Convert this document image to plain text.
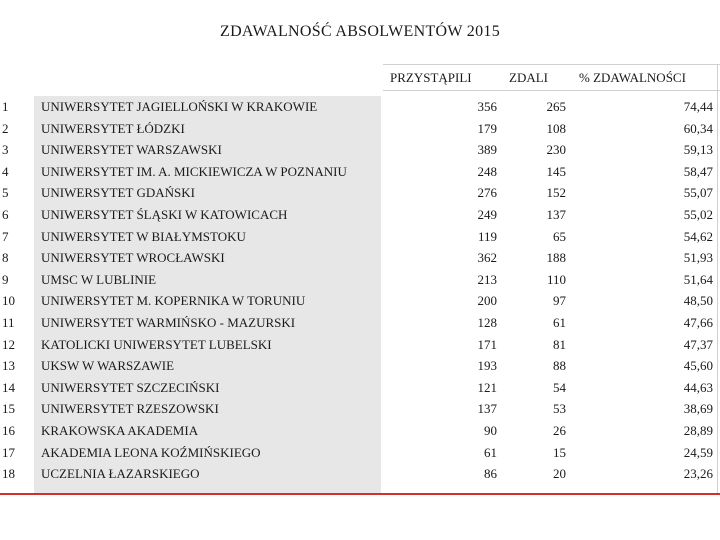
ZDAWALNOŚĆ ABSOLWENTÓW 2015
PRZYSTĄPILI	ZDALI % ZDAWALNOŚCI
1	UNIWERSYTET JAGIELLOŃSKI W KRAKOWIE	356	265	74,44
2	UNIWERSYTET ŁÓDZKI	179	108	60,34
3	UNIWERSYTET WARSZAWSKI	389	230	59,13
4	UNIWERSYTET IM. A. MICKIEWICZA W POZNANIU	248	145	58,47
5	UNIWERSYTET GDAŃSKI	276	152	55,07
6	UNIWERSYTET ŚLĄSKI W KATOWICACH	249	137	55,02
7	UNIWERSYTET W BIAŁYMSTOKU	119	65	54,62
8	UNIWERSYTET WROCŁAWSKI	362	188	51,93
9	UMSC W LUBLINIE	213	110	51,64
10	UNIWERSYTET M. KOPERNIKA W TORUNIU	200	97	48,50
11	UNIWERSYTET WARMIŃSKO - MAZURSKI	128	61	47,66
12	KATOLICKI UNIWERSYTET LUBELSKI	171	81	47,37
13	UKSW W WARSZAWIE	193	88	45,60
14	UNIWERSYTET SZCZECIŃSKI	121	54	44,63
15	UNIWERSYTET RZESZOWSKI	137	53	38,69
16	KRAKOWSKA AKADEMIA	90	26	28,89
17	AKADEMIA LEONA KOŹMIŃSKIEGO	61	15	24,59
18	UCZELNIA ŁAZARSKIEGO	86	20	23,26
